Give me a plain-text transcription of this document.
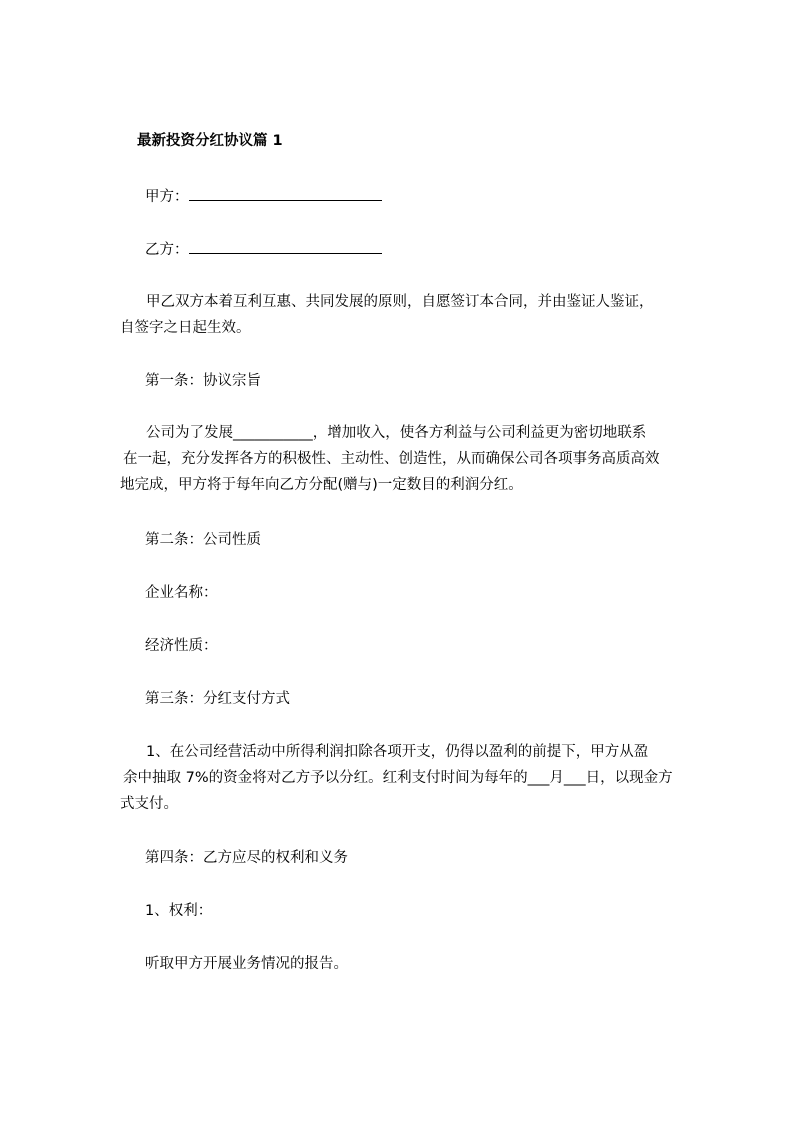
最新投资分红协议篇 1
甲方：
乙方：
甲乙双方本着互利互惠、共同发展的原则，自愿签订本合同，并由鉴证人鉴证，
自签字之日起生效。
第一条：协议宗旨
公司为了发展___________，增加收入，使各方利益与公司利益更为密切地联系
在一起，充分发挥各方的积极性、主动性、创造性，从而确保公司各项事务高质高效
地完成，甲方将于每年向乙方分配(赠与)一定数目的利润分红。
第二条：公司性质
企业名称：
经济性质：
第三条：分红支付方式
1、在公司经营活动中所得利润扣除各项开支，仍得以盈利的前提下，甲方从盈
余中抽取 7%的资金将对乙方予以分红。红利支付时间为每年的___月___日，以现金方
式支付。
第四条：乙方应尽的权利和义务
1、权利：
听取甲方开展业务情况的报告。
